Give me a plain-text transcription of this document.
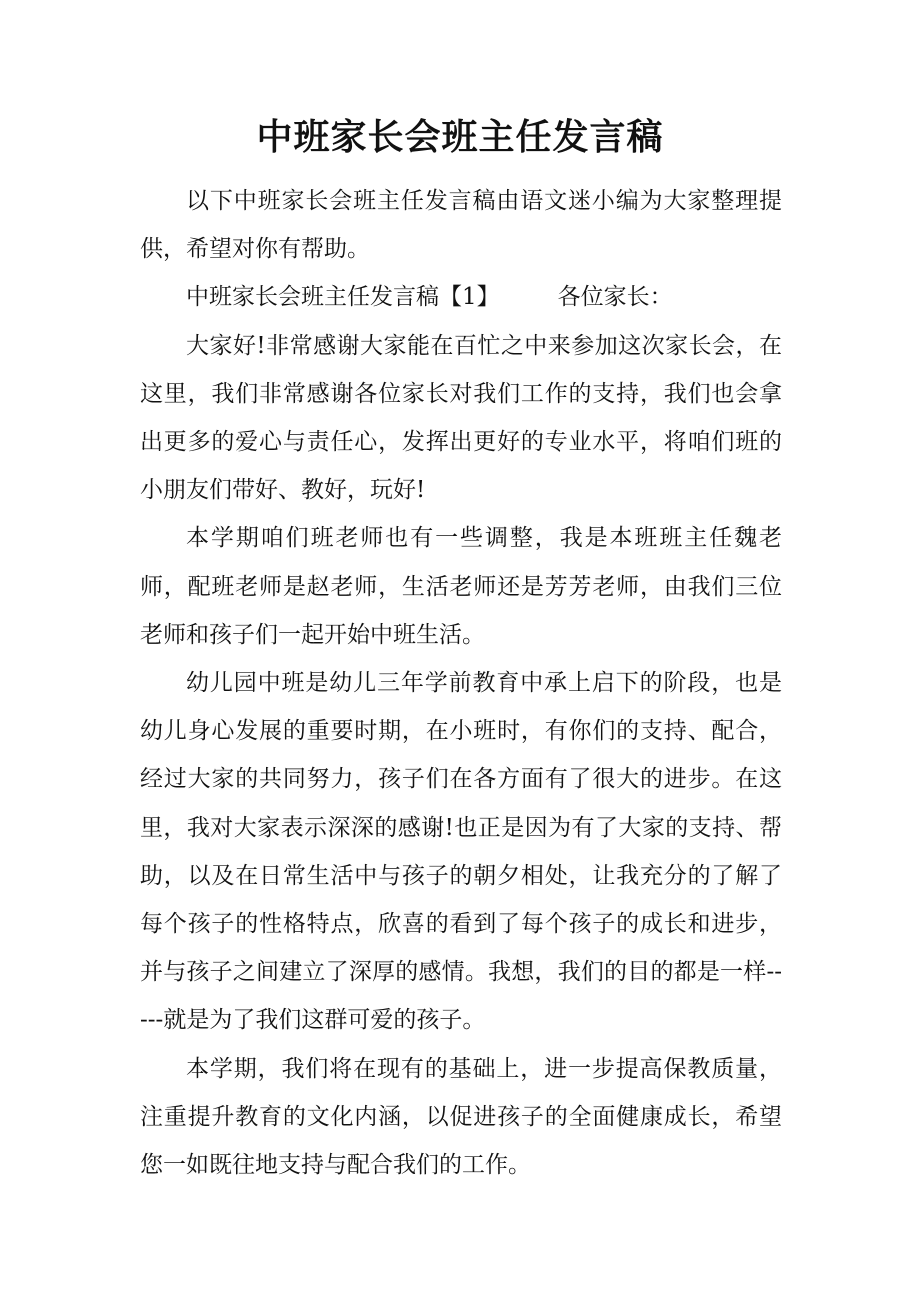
中班家长会班主任发言稿

以下中班家长会班主任发言稿由语文迷小编为大家整理提供，希望对你有帮助。

中班家长会班主任发言稿【1】	各位家长：

大家好!非常感谢大家能在百忙之中来参加这次家长会，在这里，我们非常感谢各位家长对我们工作的支持，我们也会拿出更多的爱心与责任心，发挥出更好的专业水平，将咱们班的小朋友们带好、教好，玩好!

本学期咱们班老师也有一些调整，我是本班班主任魏老师，配班老师是赵老师，生活老师还是芳芳老师，由我们三位老师和孩子们一起开始中班生活。

幼儿园中班是幼儿三年学前教育中承上启下的阶段，也是幼儿身心发展的重要时期，在小班时，有你们的支持、配合，经过大家的共同努力，孩子们在各方面有了很大的进步。在这里，我对大家表示深深的感谢!也正是因为有了大家的支持、帮助，以及在日常生活中与孩子的朝夕相处，让我充分的了解了每个孩子的性格特点，欣喜的看到了每个孩子的成长和进步，并与孩子之间建立了深厚的感情。我想，我们的目的都是一样-----就是为了我们这群可爱的孩子。

本学期，我们将在现有的基础上，进一步提高保教质量，注重提升教育的文化内涵，以促进孩子的全面健康成长，希望您一如既往地支持与配合我们的工作。
